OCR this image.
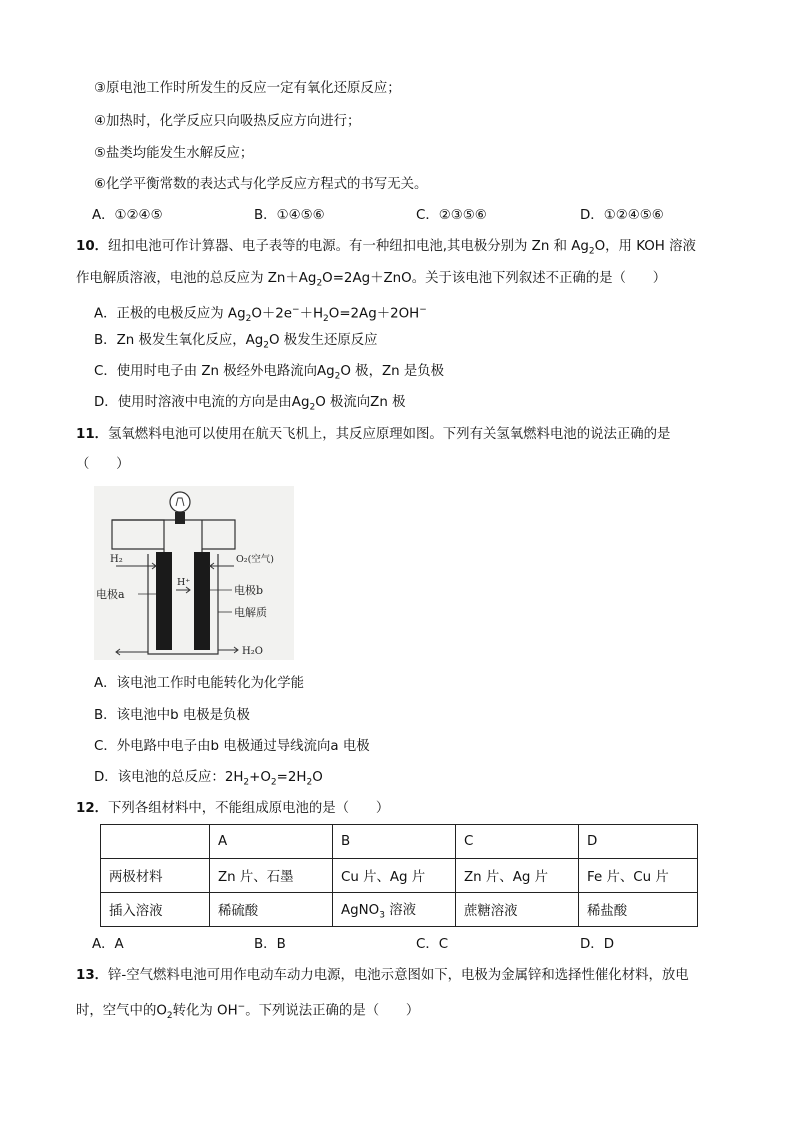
③原电池工作时所发生的反应一定有氧化还原反应；
④加热时，化学反应只向吸热反应方向进行；
⑤盐类均能发生水解反应；
⑥化学平衡常数的表达式与化学反应方程式的书写无关。
A．①②④⑤	B．①④⑤⑥	C．②③⑤⑥	D．①②④⑤⑥
10．纽扣电池可作计算器、电子表等的电源。有一种纽扣电池,其电极分别为 Zn 和 $Ag_2O$，用 KOH 溶液
作电解质溶液，电池的总反应为 $Zn+Ag_2O=2Ag+ZnO$。关于该电池下列叙述不正确的是（　　）
A．正极的电极反应为 $Ag_2O+2e^-+H_2O=2Ag+2OH^-$
B．Zn 极发生氧化反应，$Ag_2O$ 极发生还原反应
C．使用时电子由 Zn 极经外电路流向$Ag_2O$ 极，Zn 是负极
D．使用时溶液中电流的方向是由$Ag_2O$ 极流向Zn 极
11．氢氧燃料电池可以使用在航天飞机上，其反应原理如图。下列有关氢氧燃料电池的说法正确的是
（　　）
H₂	O₂(空气)
H⁺
电极a	电极b
电解质
H₂O
A．该电池工作时电能转化为化学能
B．该电池中b 电极是负极
C．外电路中电子由b 电极通过导线流向a 电极
D．该电池的总反应：$2H_2+O_2=2H_2O$
12．下列各组材料中，不能组成原电池的是（　　）
	A	B	C	D
两极材料	Zn 片、石墨	Cu 片、Ag 片	Zn 片、Ag 片	Fe 片、Cu 片
插入溶液	稀硫酸	AgNO$_3$ 溶液	蔗糖溶液	稀盐酸
A．A	B．B	C．C	D．D
13．锌-空气燃料电池可用作电动车动力电源，电池示意图如下，电极为金属锌和选择性催化材料，放电
时，空气中的$O_2$转化为 OH−。下列说法正确的是（　　）
